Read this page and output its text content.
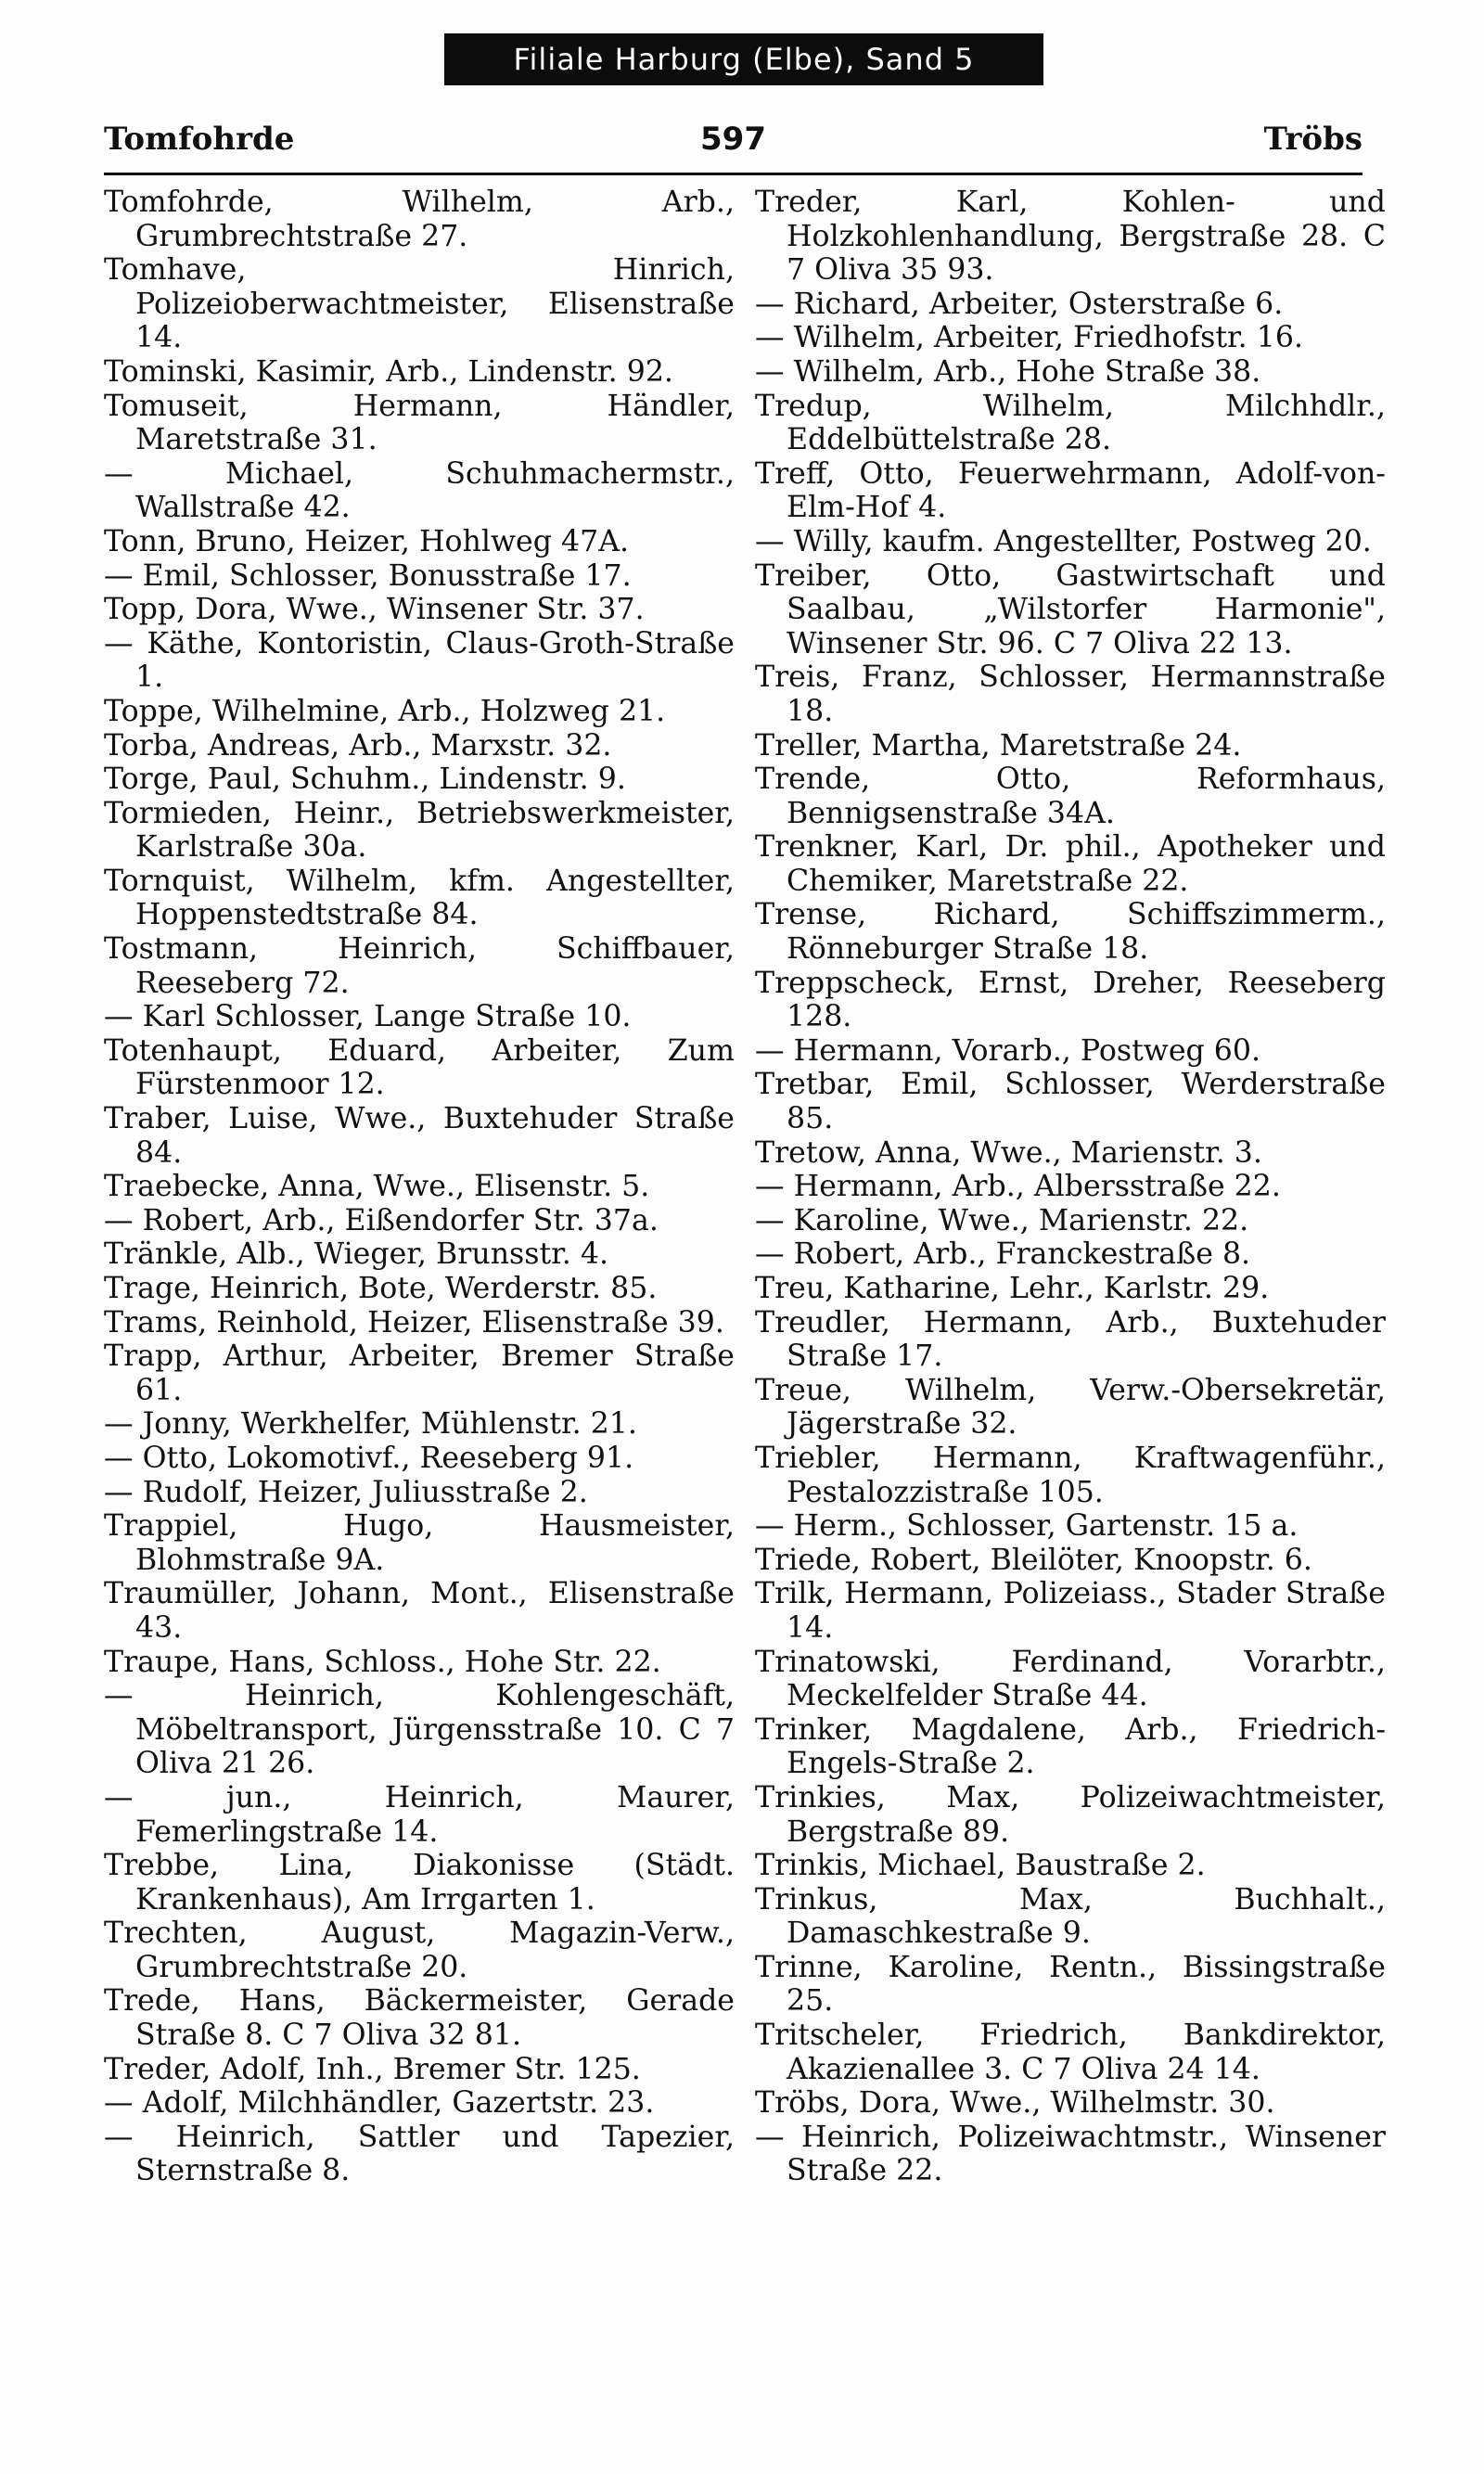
Filiale Harburg (Elbe), Sand 5
Tomfohrde	597	Tröbs

Tomfohrde, Wilhelm, Arb., Grumbrechtstraße 27.

Tomhave, Hinrich, Polizeioberwachtmeister, Elisenstraße 14.

Tominski, Kasimir, Arb., Lindenstr. 92.

Tomuseit, Hermann, Händler, Maretstraße 31.

— Michael, Schuhmachermstr., Wallstraße 42.

Tonn, Bruno, Heizer, Hohlweg 47A.

— Emil, Schlosser, Bonusstraße 17.

Topp, Dora, Wwe., Winsener Str. 37.

— Käthe, Kontoristin, Claus-Groth-Straße 1.

Toppe, Wilhelmine, Arb., Holzweg 21.

Torba, Andreas, Arb., Marxstr. 32.

Torge, Paul, Schuhm., Lindenstr. 9.

Tormieden, Heinr., Betriebswerkmeister, Karlstraße 30a.

Tornquist, Wilhelm, kfm. Angestellter, Hoppenstedtstraße 84.

Tostmann, Heinrich, Schiffbauer, Reeseberg 72.

— Karl Schlosser, Lange Straße 10.

Totenhaupt, Eduard, Arbeiter, Zum Fürstenmoor 12.

Traber, Luise, Wwe., Buxtehuder Straße 84.

Traebecke, Anna, Wwe., Elisenstr. 5.

— Robert, Arb., Eißendorfer Str. 37a.

Tränkle, Alb., Wieger, Brunsstr. 4.

Trage, Heinrich, Bote, Werderstr. 85.

Trams, Reinhold, Heizer, Elisenstraße 39.

Trapp, Arthur, Arbeiter, Bremer Straße 61.

— Jonny, Werkhelfer, Mühlenstr. 21.

— Otto, Lokomotivf., Reeseberg 91.

— Rudolf, Heizer, Juliusstraße 2.

Trappiel, Hugo, Hausmeister, Blohmstraße 9A.

Traumüller, Johann, Mont., Elisenstraße 43.

Traupe, Hans, Schloss., Hohe Str. 22.

— Heinrich, Kohlengeschäft, Möbeltransport, Jürgensstraße 10. C 7 Oliva 21 26.

— jun., Heinrich, Maurer, Femerlingstraße 14.

Trebbe, Lina, Diakonisse (Städt. Krankenhaus), Am Irrgarten 1.

Trechten, August, Magazin-Verw., Grumbrechtstraße 20.

Trede, Hans, Bäckermeister, Gerade Straße 8. C 7 Oliva 32 81.

Treder, Adolf, Inh., Bremer Str. 125.

— Adolf, Milchhändler, Gazertstr. 23.

— Heinrich, Sattler und Tapezier, Sternstraße 8.

Treder, Karl, Kohlen- und Holzkohlenhandlung, Bergstraße 28. C 7 Oliva 35 93.

— Richard, Arbeiter, Osterstraße 6.

— Wilhelm, Arbeiter, Friedhofstr. 16.

— Wilhelm, Arb., Hohe Straße 38.

Tredup, Wilhelm, Milchhdlr., Eddelbüttelstraße 28.

Treff, Otto, Feuerwehrmann, Adolf-von-Elm-Hof 4.

— Willy, kaufm. Angestellter, Postweg 20.

Treiber, Otto, Gastwirtschaft und Saalbau, „Wilstorfer Harmonie", Winsener Str. 96. C 7 Oliva 22 13.

Treis, Franz, Schlosser, Hermannstraße 18.

Treller, Martha, Maretstraße 24.

Trende, Otto, Reformhaus, Bennigsenstraße 34A.

Trenkner, Karl, Dr. phil., Apotheker und Chemiker, Maretstraße 22.

Trense, Richard, Schiffszimmerm., Rönneburger Straße 18.

Treppscheck, Ernst, Dreher, Reeseberg 128.

— Hermann, Vorarb., Postweg 60.

Tretbar, Emil, Schlosser, Werderstraße 85.

Tretow, Anna, Wwe., Marienstr. 3.

— Hermann, Arb., Albersstraße 22.

— Karoline, Wwe., Marienstr. 22.

— Robert, Arb., Franckestraße 8.

Treu, Katharine, Lehr., Karlstr. 29.

Treudler, Hermann, Arb., Buxtehuder Straße 17.

Treue, Wilhelm, Verw.-Obersekretär, Jägerstraße 32.

Triebler, Hermann, Kraftwagenführ., Pestalozzistraße 105.

— Herm., Schlosser, Gartenstr. 15 a.

Triede, Robert, Bleilöter, Knoopstr. 6.

Trilk, Hermann, Polizeiass., Stader Straße 14.

Trinatowski, Ferdinand, Vorarbtr., Meckelfelder Straße 44.

Trinker, Magdalene, Arb., Friedrich-Engels-Straße 2.

Trinkies, Max, Polizeiwachtmeister, Bergstraße 89.

Trinkis, Michael, Baustraße 2.

Trinkus, Max, Buchhalt., Damaschkestraße 9.

Trinne, Karoline, Rentn., Bissingstraße 25.

Tritscheler, Friedrich, Bankdirektor, Akazienallee 3. C 7 Oliva 24 14.

Tröbs, Dora, Wwe., Wilhelmstr. 30.

— Heinrich, Polizeiwachtmstr., Winsener Straße 22.
